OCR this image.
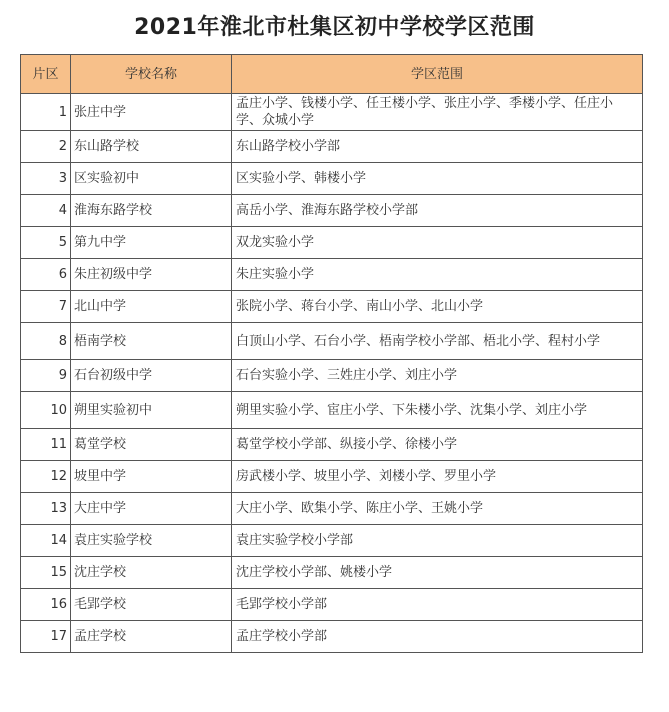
2021年淮北市杜集区初中学校学区范围
片区	学校名称	学区范围
1	张庄中学	孟庄小学、钱楼小学、任王楼小学、张庄小学、季楼小学、任庄小学、众城小学

2	东山路学校	东山路学校小学部

3	区实验初中	区实验小学、韩楼小学

4	淮海东路学校	高岳小学、淮海东路学校小学部

5	第九中学	双龙实验小学

6	朱庄初级中学	朱庄实验小学

7	北山中学	张院小学、蒋台小学、南山小学、北山小学

8	梧南学校	白顶山小学、石台小学、梧南学校小学部、梧北小学、程村小学

9	石台初级中学	石台实验小学、三姓庄小学、刘庄小学

10	朔里实验初中	朔里实验小学、宦庄小学、下朱楼小学、沈集小学、刘庄小学

11	葛堂学校	葛堂学校小学部、纵接小学、徐楼小学

12	坡里中学	房武楼小学、坡里小学、刘楼小学、罗里小学

13	大庄中学	大庄小学、欧集小学、陈庄小学、王姚小学

14	袁庄实验学校	袁庄实验学校小学部

15	沈庄学校	沈庄学校小学部、姚楼小学

16	毛郢学校	毛郢学校小学部

17	孟庄学校	孟庄学校小学部
